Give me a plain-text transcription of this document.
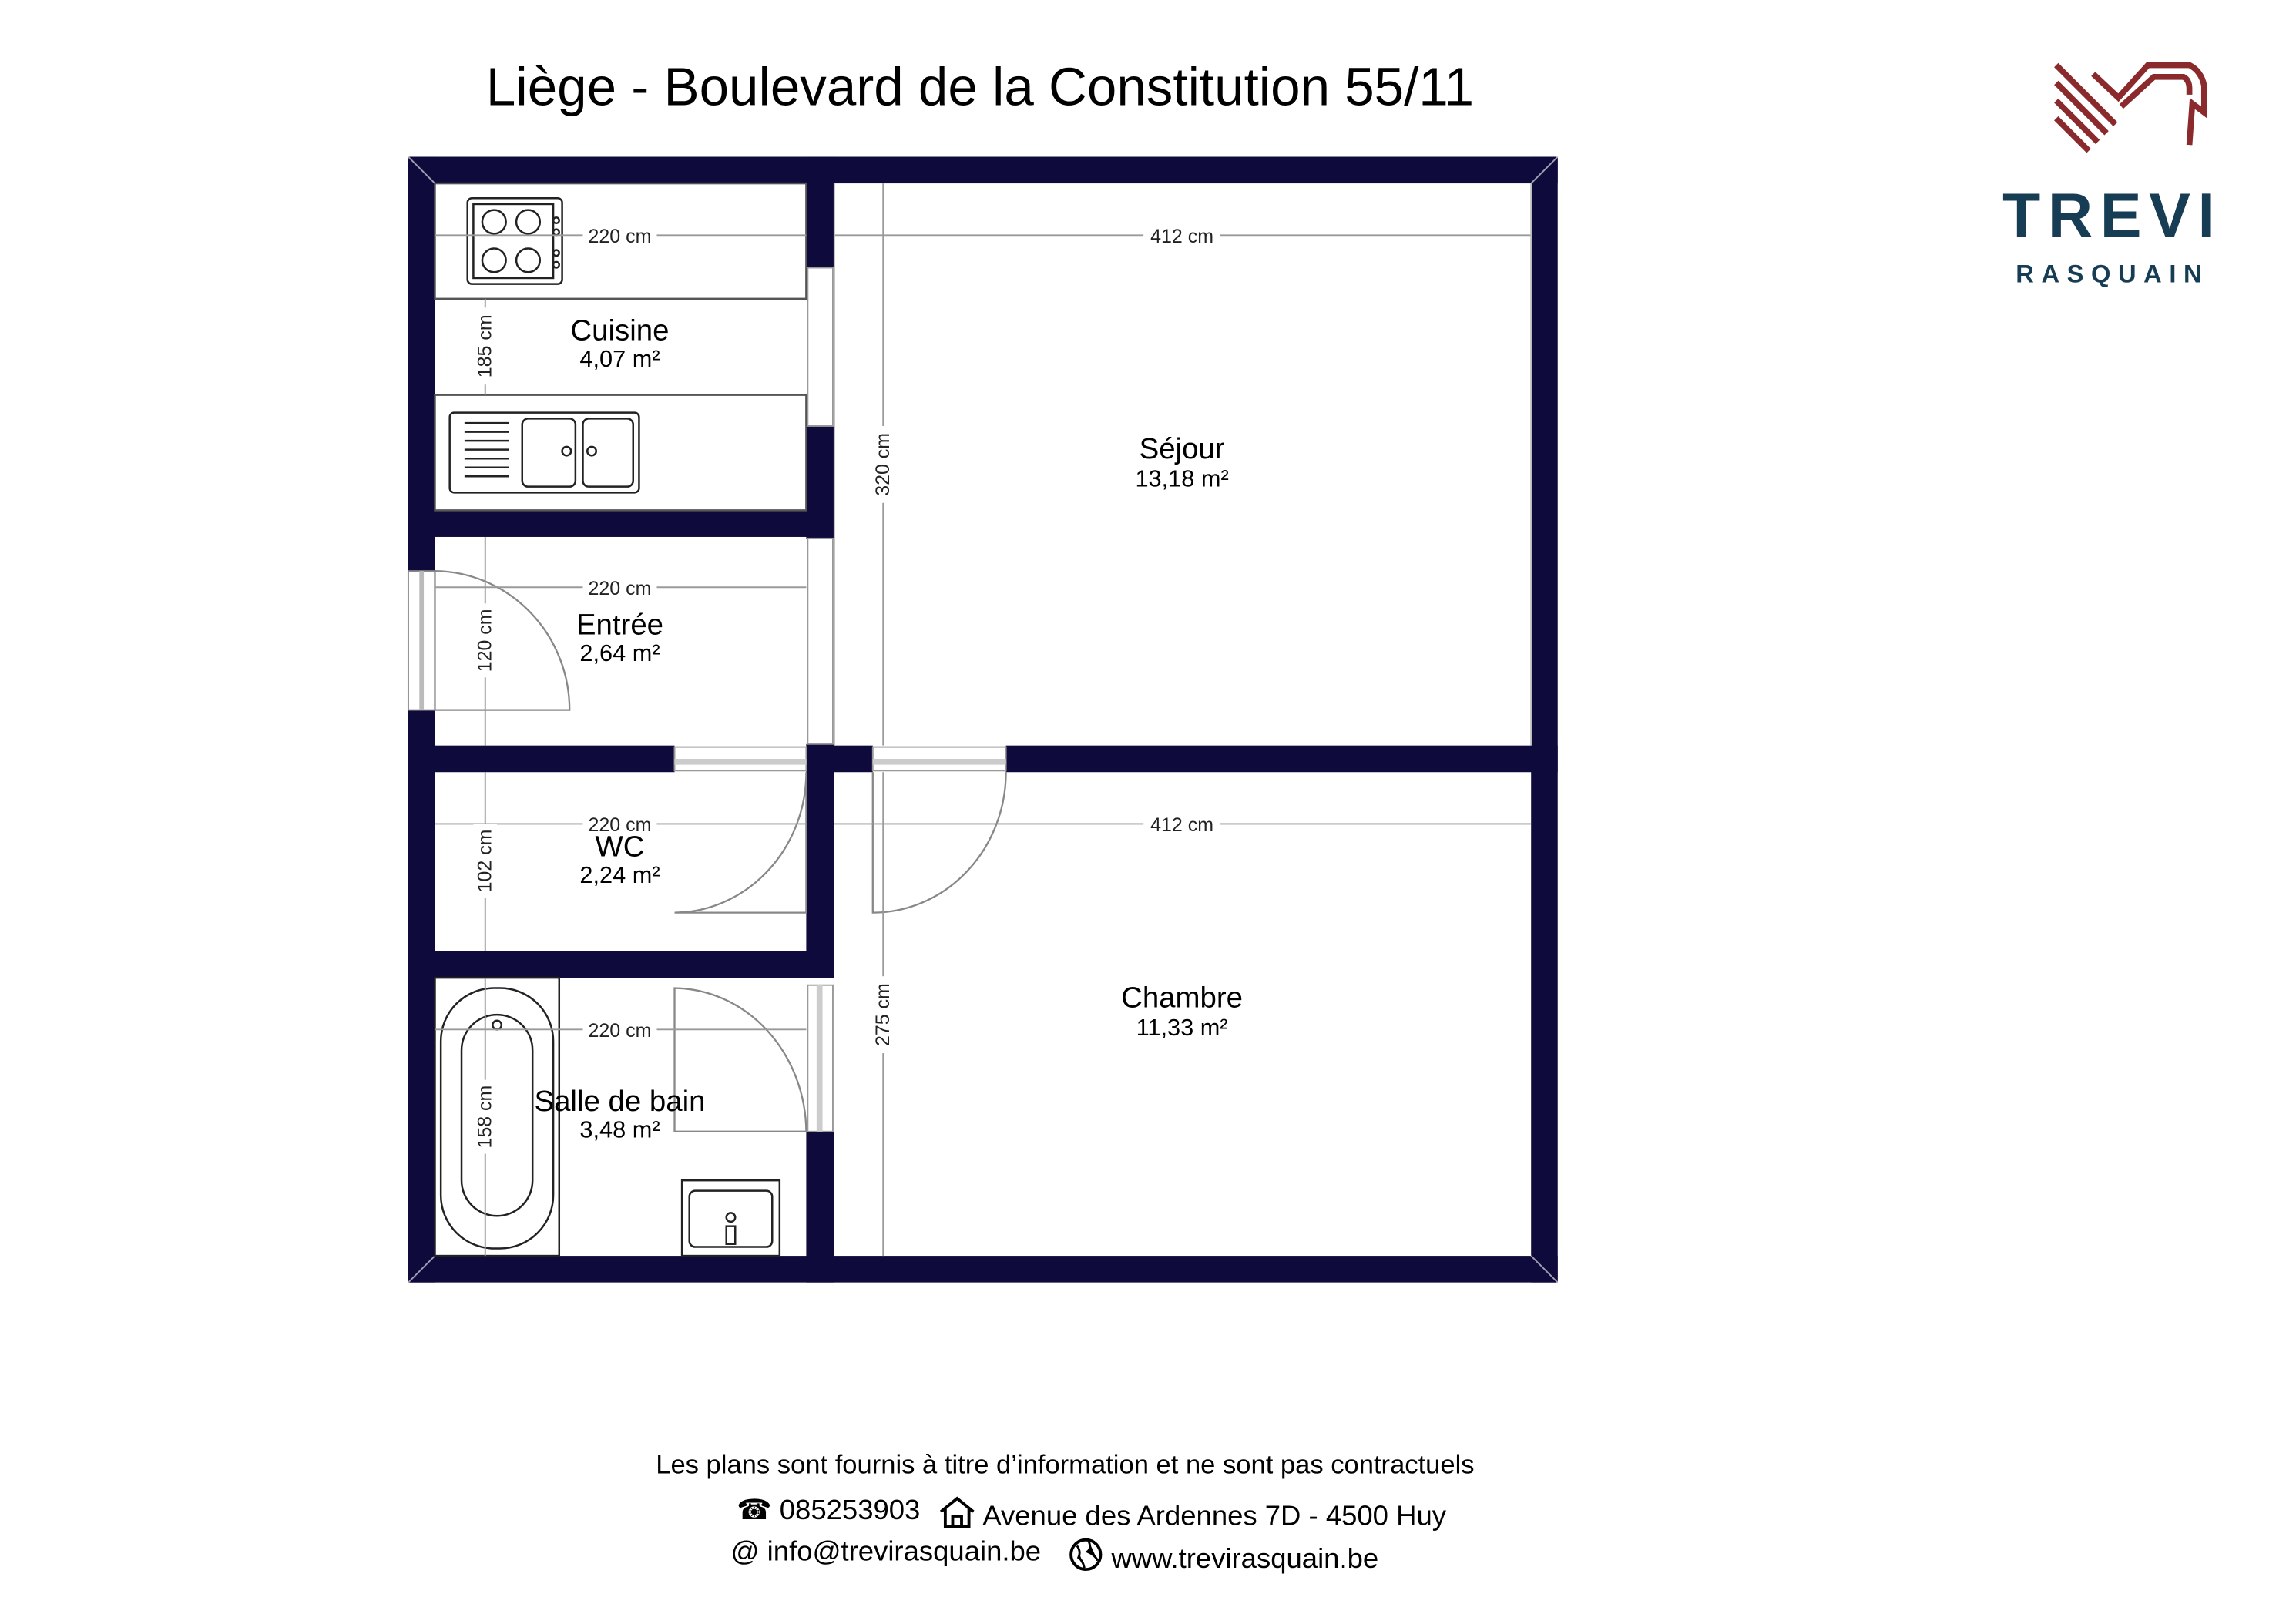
Liège - Boulevard de la Constitution 55/11
TREVI
RASQUAIN
220 cm	412 cm
220 cm
220 cm	412 cm
220 cm
185 cm
120 cm
102 cm
158 cm
320 cm
275 cm
Cuisine
4,07 m²
Séjour
13,18 m²
Entrée
2,64 m²
WC
2,24 m²
Chambre
11,33 m²
Salle de bain
3,48 m²
Les plans sont fournis à titre d’information et ne sont pas contractuels
☎ 085253903	Avenue des Ardennes 7D - 4500 Huy
@ info@trevirasquain.be	www.trevirasquain.be
